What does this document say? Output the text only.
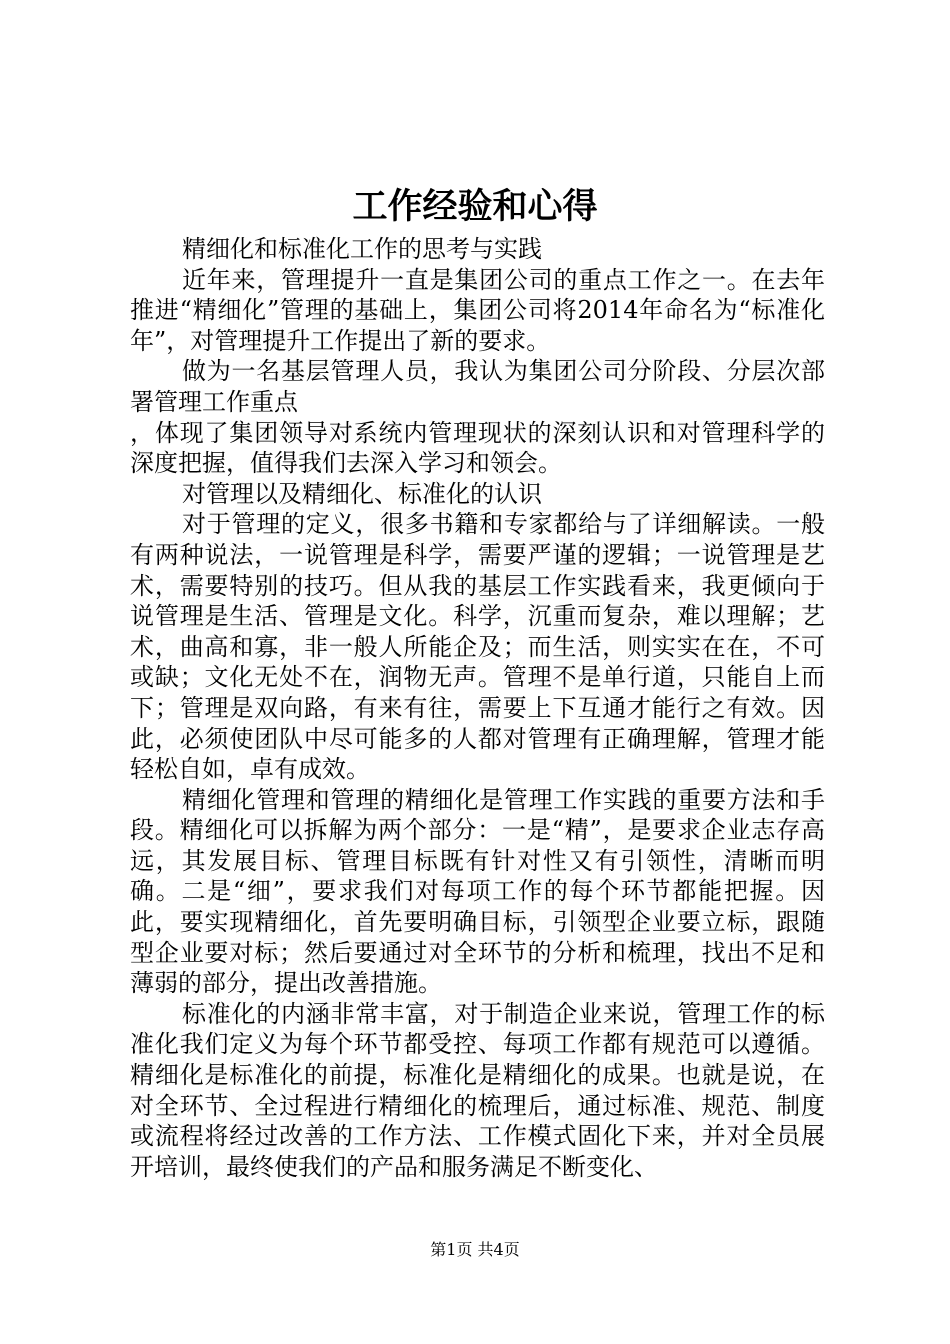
工作经验和心得

精细化和标准化工作的思考与实践

近年来，管理提升一直是集团公司的重点工作之一。在去年推进“精细化”管理的基础上，集团公司将2014年命名为“标准化年”，对管理提升工作提出了新的要求。

做为一名基层管理人员，我认为集团公司分阶段、分层次部署管理工作重点

，体现了集团领导对系统内管理现状的深刻认识和对管理科学的深度把握，值得我们去深入学习和领会。

对管理以及精细化、标准化的认识

对于管理的定义，很多书籍和专家都给与了详细解读。一般有两种说法，一说管理是科学，需要严谨的逻辑；一说管理是艺术，需要特别的技巧。但从我的基层工作实践看来，我更倾向于说管理是生活、管理是文化。科学，沉重而复杂，难以理解；艺术，曲高和寡，非一般人所能企及；而生活，则实实在在，不可或缺；文化无处不在，润物无声。管理不是单行道，只能自上而下；管理是双向路，有来有往，需要上下互通才能行之有效。因此，必须使团队中尽可能多的人都对管理有正确理解，管理才能轻松自如，卓有成效。

精细化管理和管理的精细化是管理工作实践的重要方法和手段。精细化可以拆解为两个部分：一是“精”，是要求企业志存高远，其发展目标、管理目标既有针对性又有引领性，清晰而明确。二是“细”，要求我们对每项工作的每个环节都能把握。因此，要实现精细化，首先要明确目标，引领型企业要立标，跟随型企业要对标；然后要通过对全环节的分析和梳理，找出不足和薄弱的部分，提出改善措施。

标准化的内涵非常丰富，对于制造企业来说，管理工作的标准化我们定义为每个环节都受控、每项工作都有规范可以遵循。精细化是标准化的前提，标准化是精细化的成果。也就是说，在对全环节、全过程进行精细化的梳理后，通过标准、规范、制度或流程将经过改善的工作方法、工作模式固化下来，并对全员展开培训，最终使我们的产品和服务满足不断变化、

第1页 共4页
